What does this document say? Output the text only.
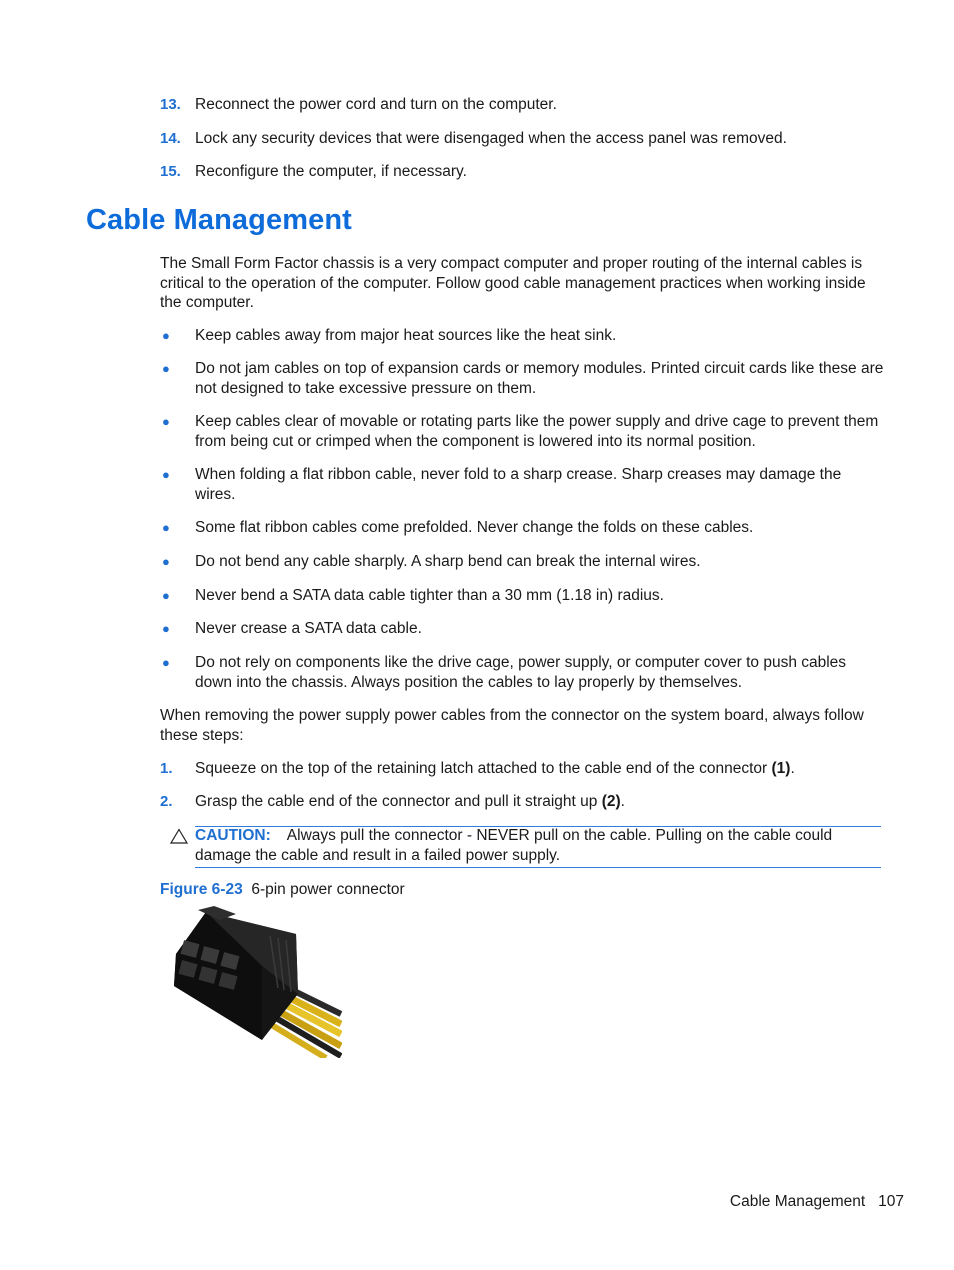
13. Reconnect the power cord and turn on the computer.
14. Lock any security devices that were disengaged when the access panel was removed.
15. Reconfigure the computer, if necessary.
Cable Management
The Small Form Factor chassis is a very compact computer and proper routing of the internal cables is critical to the operation of the computer. Follow good cable management practices when working inside the computer.
● Keep cables away from major heat sources like the heat sink.
● Do not jam cables on top of expansion cards or memory modules. Printed circuit cards like these are not designed to take excessive pressure on them.
● Keep cables clear of movable or rotating parts like the power supply and drive cage to prevent them from being cut or crimped when the component is lowered into its normal position.
● When folding a flat ribbon cable, never fold to a sharp crease. Sharp creases may damage the wires.
● Some flat ribbon cables come prefolded. Never change the folds on these cables.
● Do not bend any cable sharply. A sharp bend can break the internal wires.
● Never bend a SATA data cable tighter than a 30 mm (1.18 in) radius.
● Never crease a SATA data cable.
● Do not rely on components like the drive cage, power supply, or computer cover to push cables down into the chassis. Always position the cables to lay properly by themselves.
When removing the power supply power cables from the connector on the system board, always follow these steps:
1. Squeeze on the top of the retaining latch attached to the cable end of the connector (1).
2. Grasp the cable end of the connector and pull it straight up (2).
CAUTION: Always pull the connector - NEVER pull on the cable. Pulling on the cable could damage the cable and result in a failed power supply.
Figure 6-23 6-pin power connector
Cable Management 107
